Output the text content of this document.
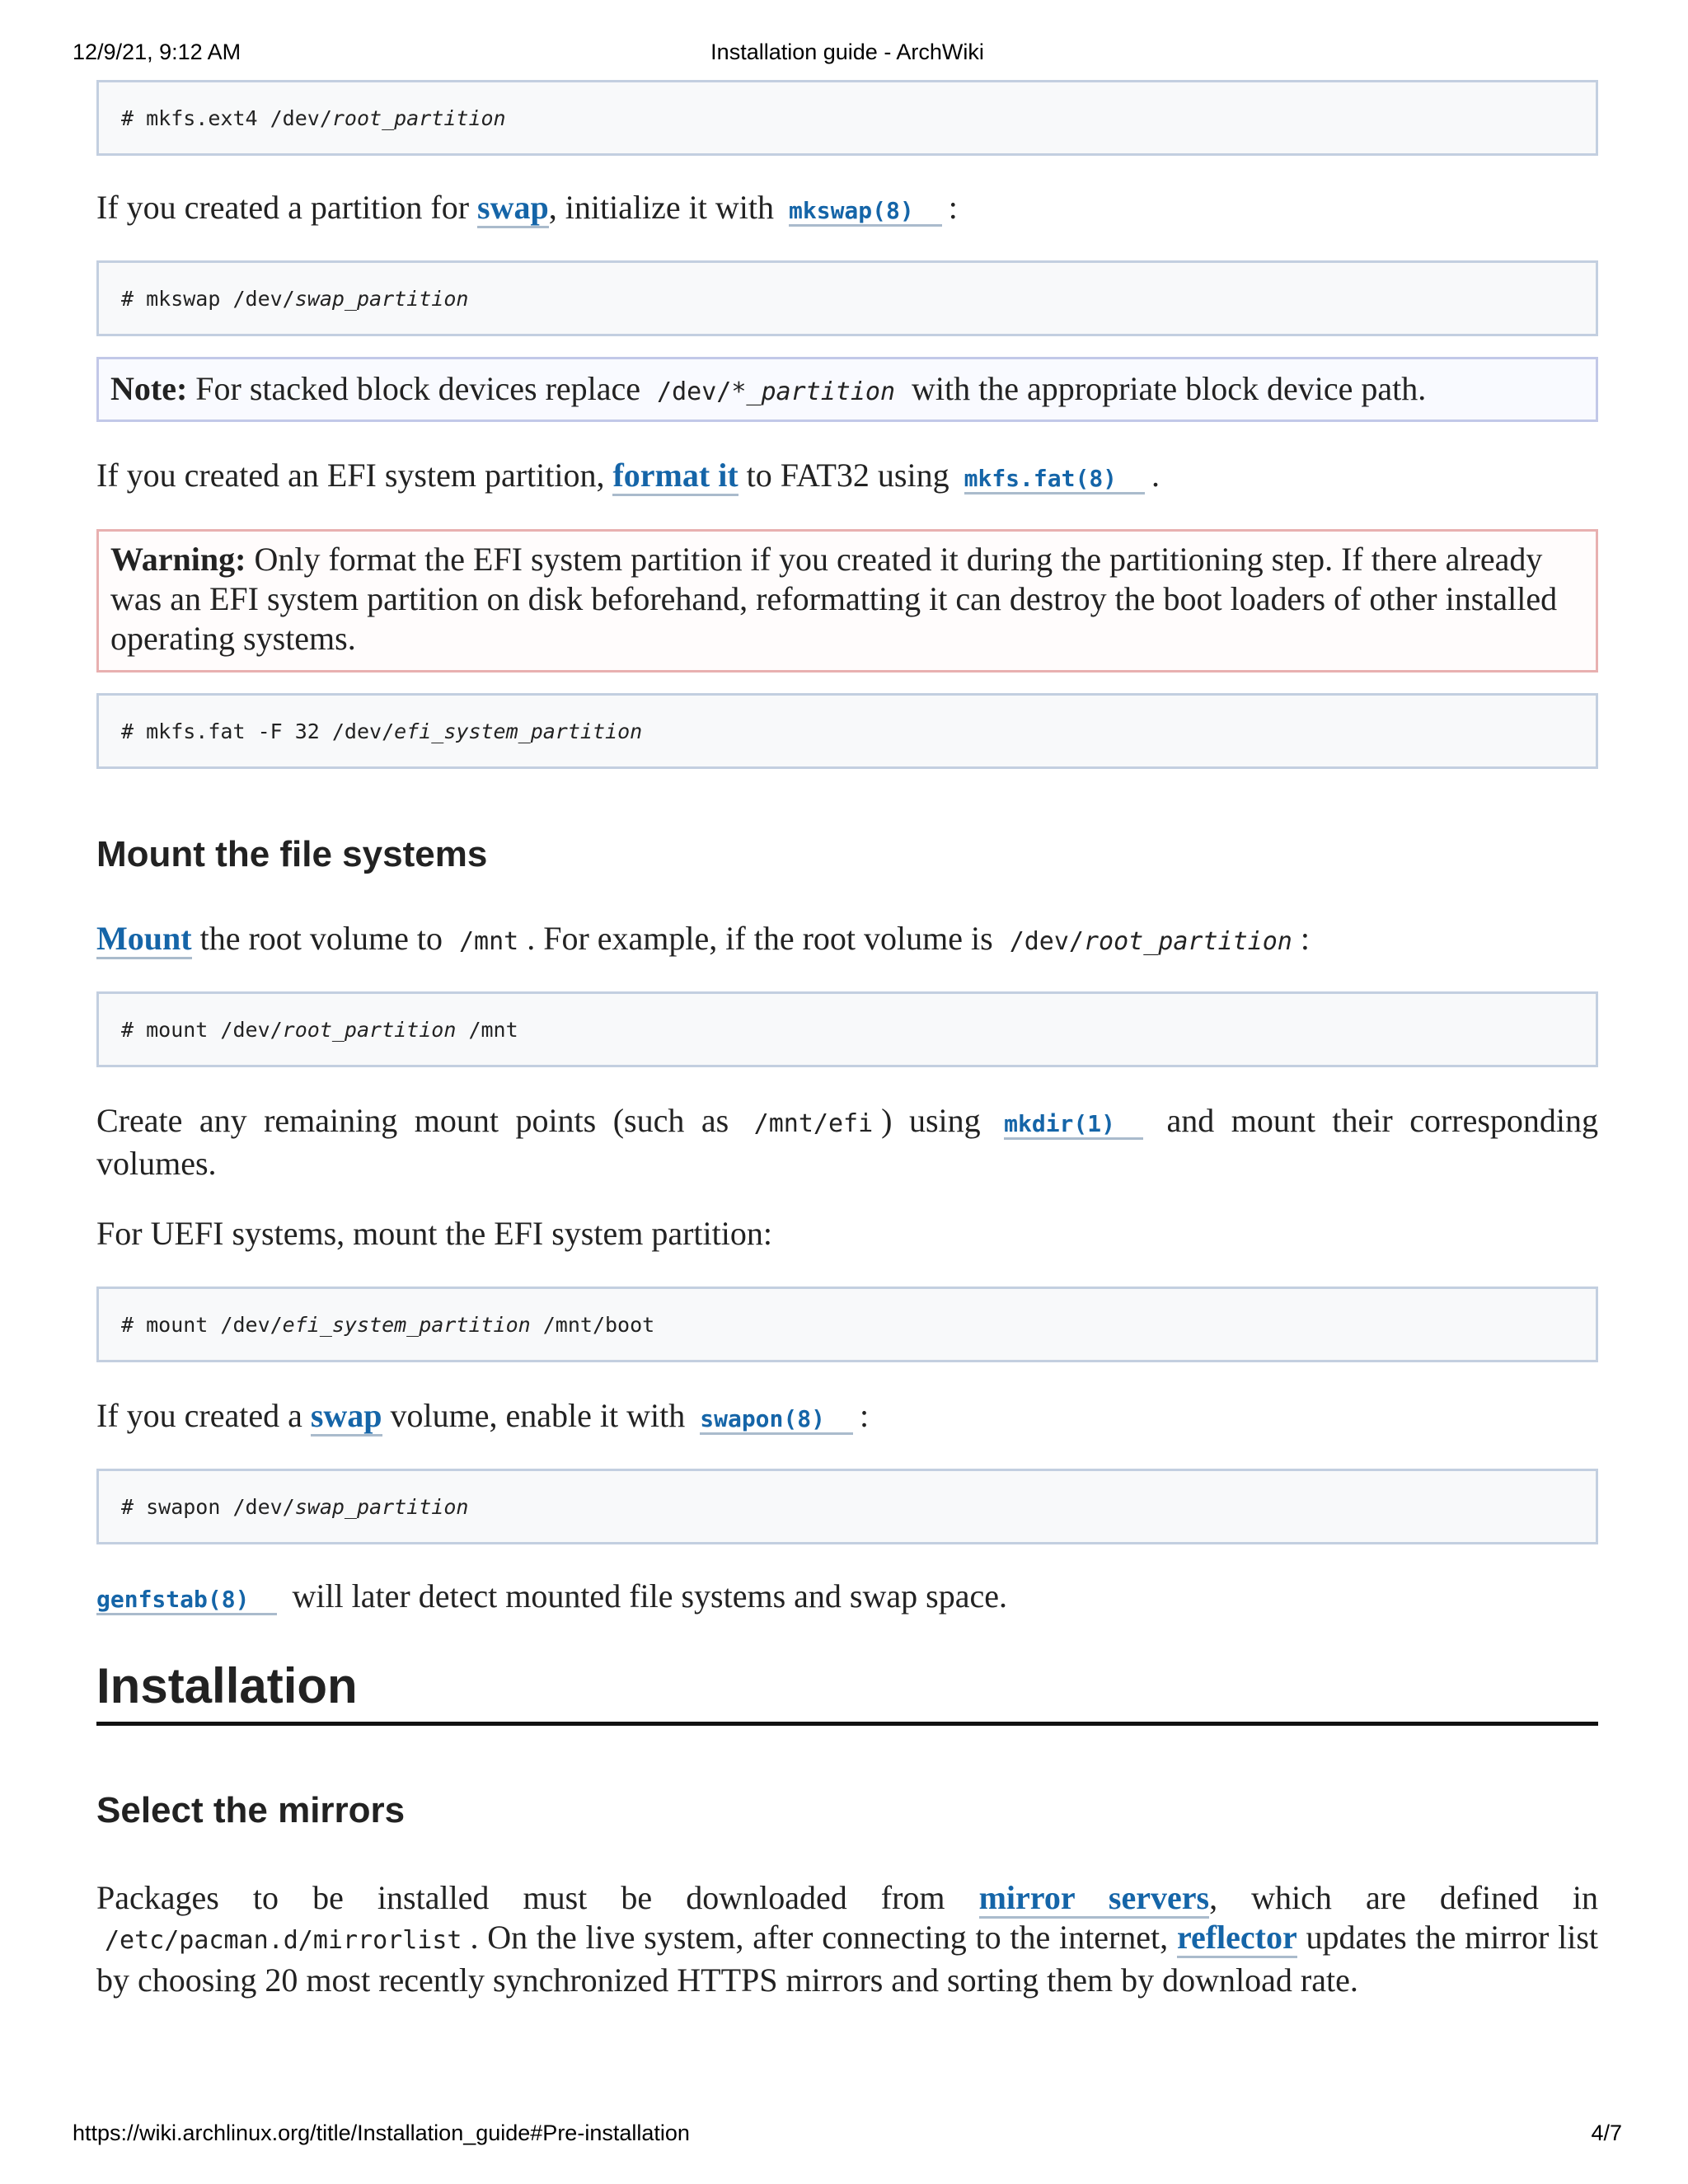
12/9/21, 9:12 AM	Installation guide - ArchWiki
# mkfs.ext4 /dev/ root_partition
If you created a partition for swap, initialize it with mkswap(8) :
# mkswap /dev/ swap_partition
Note: For stacked block devices replace /dev/*_partition with the appropriate block device path.
If you created an EFI system partition, format it to FAT32 using mkfs.fat(8) .
Warning: Only format the EFI system partition if you created it during the partitioning step. If there already was an EFI system partition on disk beforehand, reformatting it can destroy the boot loaders of other installed operating systems.
# mkfs.fat -F 32 /dev/ efi_system_partition
Mount the file systems
Mount the root volume to /mnt . For example, if the root volume is /dev/root_partition :
# mount /dev/ root_partition /mnt
Create any remaining mount points (such as /mnt/efi ) using mkdir(1) and mount their corresponding volumes.
For UEFI systems, mount the EFI system partition:
# mount /dev/ efi_system_partition /mnt/boot
If you created a swap volume, enable it with swapon(8) :
# swapon /dev/ swap_partition
genfstab(8) will later detect mounted file systems and swap space.
Installation
Select the mirrors
Packages to be installed must be downloaded from mirror servers, which are defined in /etc/pacman.d/mirrorlist . On the live system, after connecting to the internet, reflector updates the mirror list by choosing 20 most recently synchronized HTTPS mirrors and sorting them by download rate.
https://wiki.archlinux.org/title/Installation_guide#Pre-installation	4/7
